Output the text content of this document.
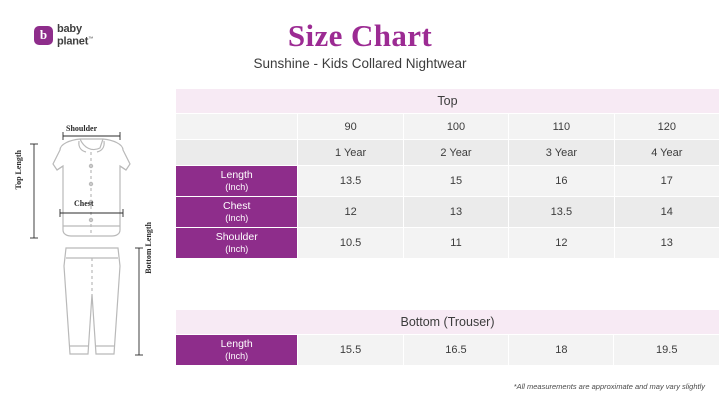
b baby
planet™	Size Chart
Sunshine - Kids Collared Nightwear
Shoulder
Chest
Top Length
Bottom Length
Top				
	90	100	110	120
	1 Year	2 Year	3 Year	4 Year
Length
(Inch)	13.5	15	16	17
Chest
(Inch)	12	13	13.5	14
Shoulder
(Inch)	10.5	11	12	13
Bottom (Trouser)
Length
(Inch)	15.5	16.5	18	19.5
*All measurements are approximate and may vary slightly
